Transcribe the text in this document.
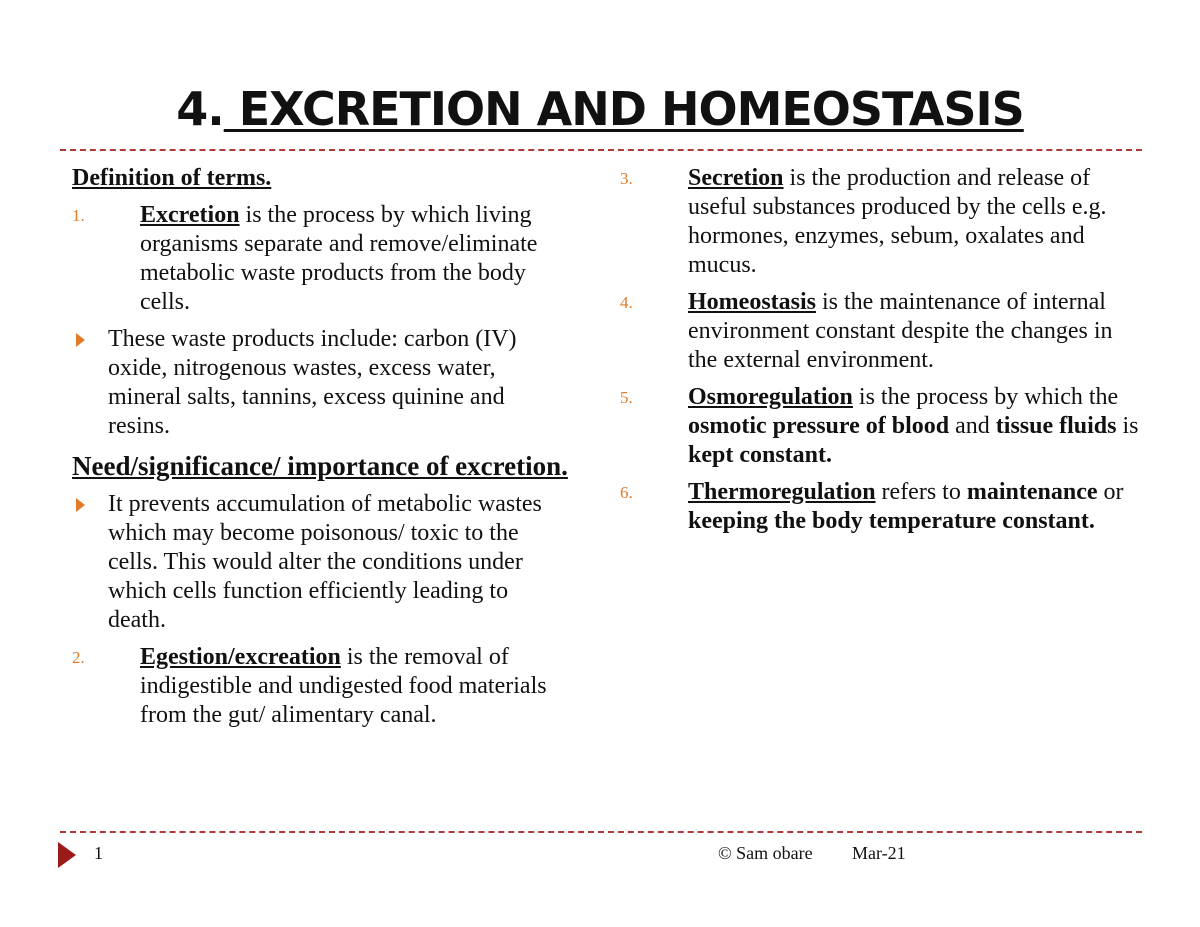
4. EXCRETION AND HOMEOSTASIS

Definition of terms.

1.	Excretion is the process by which living organisms separate and remove/eliminate metabolic waste products from the body cells.
These waste products include: carbon (IV) oxide, nitrogenous wastes, excess water, mineral salts, tannins, excess quinine and resins.

Need/significance/ importance of excretion.

It prevents accumulation of metabolic wastes which may become poisonous/ toxic to the cells. This would alter the conditions under which cells function efficiently leading to death.
2.	Egestion/excreation is the removal of indigestible and undigested food materials from the gut/ alimentary canal.
3.	Secretion is the production and release of useful substances produced by the cells e.g. hormones, enzymes, sebum, oxalates and mucus.
4.	Homeostasis is the maintenance of internal environment constant despite the changes in the external environment.
5.	Osmoregulation is the process by which the osmotic pressure of blood and tissue fluids is kept constant.
6.	Thermoregulation refers to maintenance or keeping the body temperature constant.
1	© Sam obare Mar-21
